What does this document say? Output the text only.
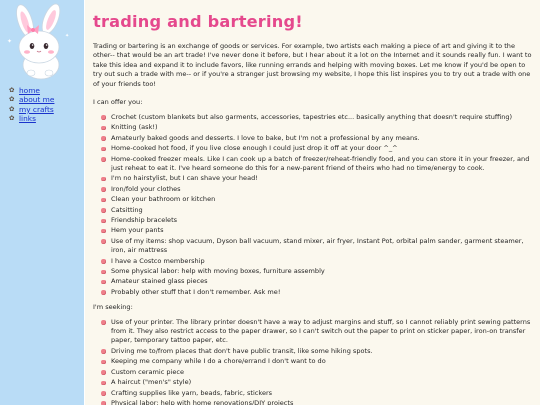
✦
✦
✿ home
✿ about me
✿ my crafts
✿ links
trading and bartering!

Trading or bartering is an exchange of goods or services. For example, two artists each making a piece of art and giving it to the other-- that would be an art trade! I've never done it before, but I hear about it a lot on the Internet and it sounds really fun. I want to take this idea and expand it to include favors, like running errands and helping with moving boxes. Let me know if you'd be open to try out such a trade with me-- or if you're a stranger just browsing my website, I hope this list inspires you to try out a trade with one of your friends too!

I can offer you:

Crochet (custom blankets but also garments, accessories, tapestries etc... basically anything that doesn't require stuffing)
Knitting (ask!)
Amateurly baked goods and desserts. I love to bake, but I'm not a professional by any means.
Home-cooked hot food, if you live close enough I could just drop it off at your door ^_^
Home-cooked freezer meals. Like I can cook up a batch of freezer/reheat-friendly food, and you can store it in your freezer, and just reheat to eat it. I've heard someone do this for a new-parent friend of theirs who had no time/energy to cook.
I'm no hairstylist, but I can shave your head!
Iron/fold your clothes
Clean your bathroom or kitchen
Catsitting
Friendship bracelets
Hem your pants
Use of my items: shop vacuum, Dyson ball vacuum, stand mixer, air fryer, Instant Pot, orbital palm sander, garment steamer, iron, air mattress
I have a Costco membership
Some physical labor: help with moving boxes, furniture assembly
Amateur stained glass pieces
Probably other stuff that I don't remember. Ask me!

I'm seeking:

Use of your printer. The library printer doesn't have a way to adjust margins and stuff, so I cannot reliably print sewing patterns from it. They also restrict access to the paper drawer, so I can't switch out the paper to print on sticker paper, iron-on transfer paper, temporary tattoo paper, etc.
Driving me to/from places that don't have public transit, like some hiking spots.
Keeping me company while I do a chore/errand I don't want to do
Custom ceramic piece
A haircut ("men's" style)
Crafting supplies like yarn, beads, fabric, stickers
Physical labor: help with home renovations/DIY projects
